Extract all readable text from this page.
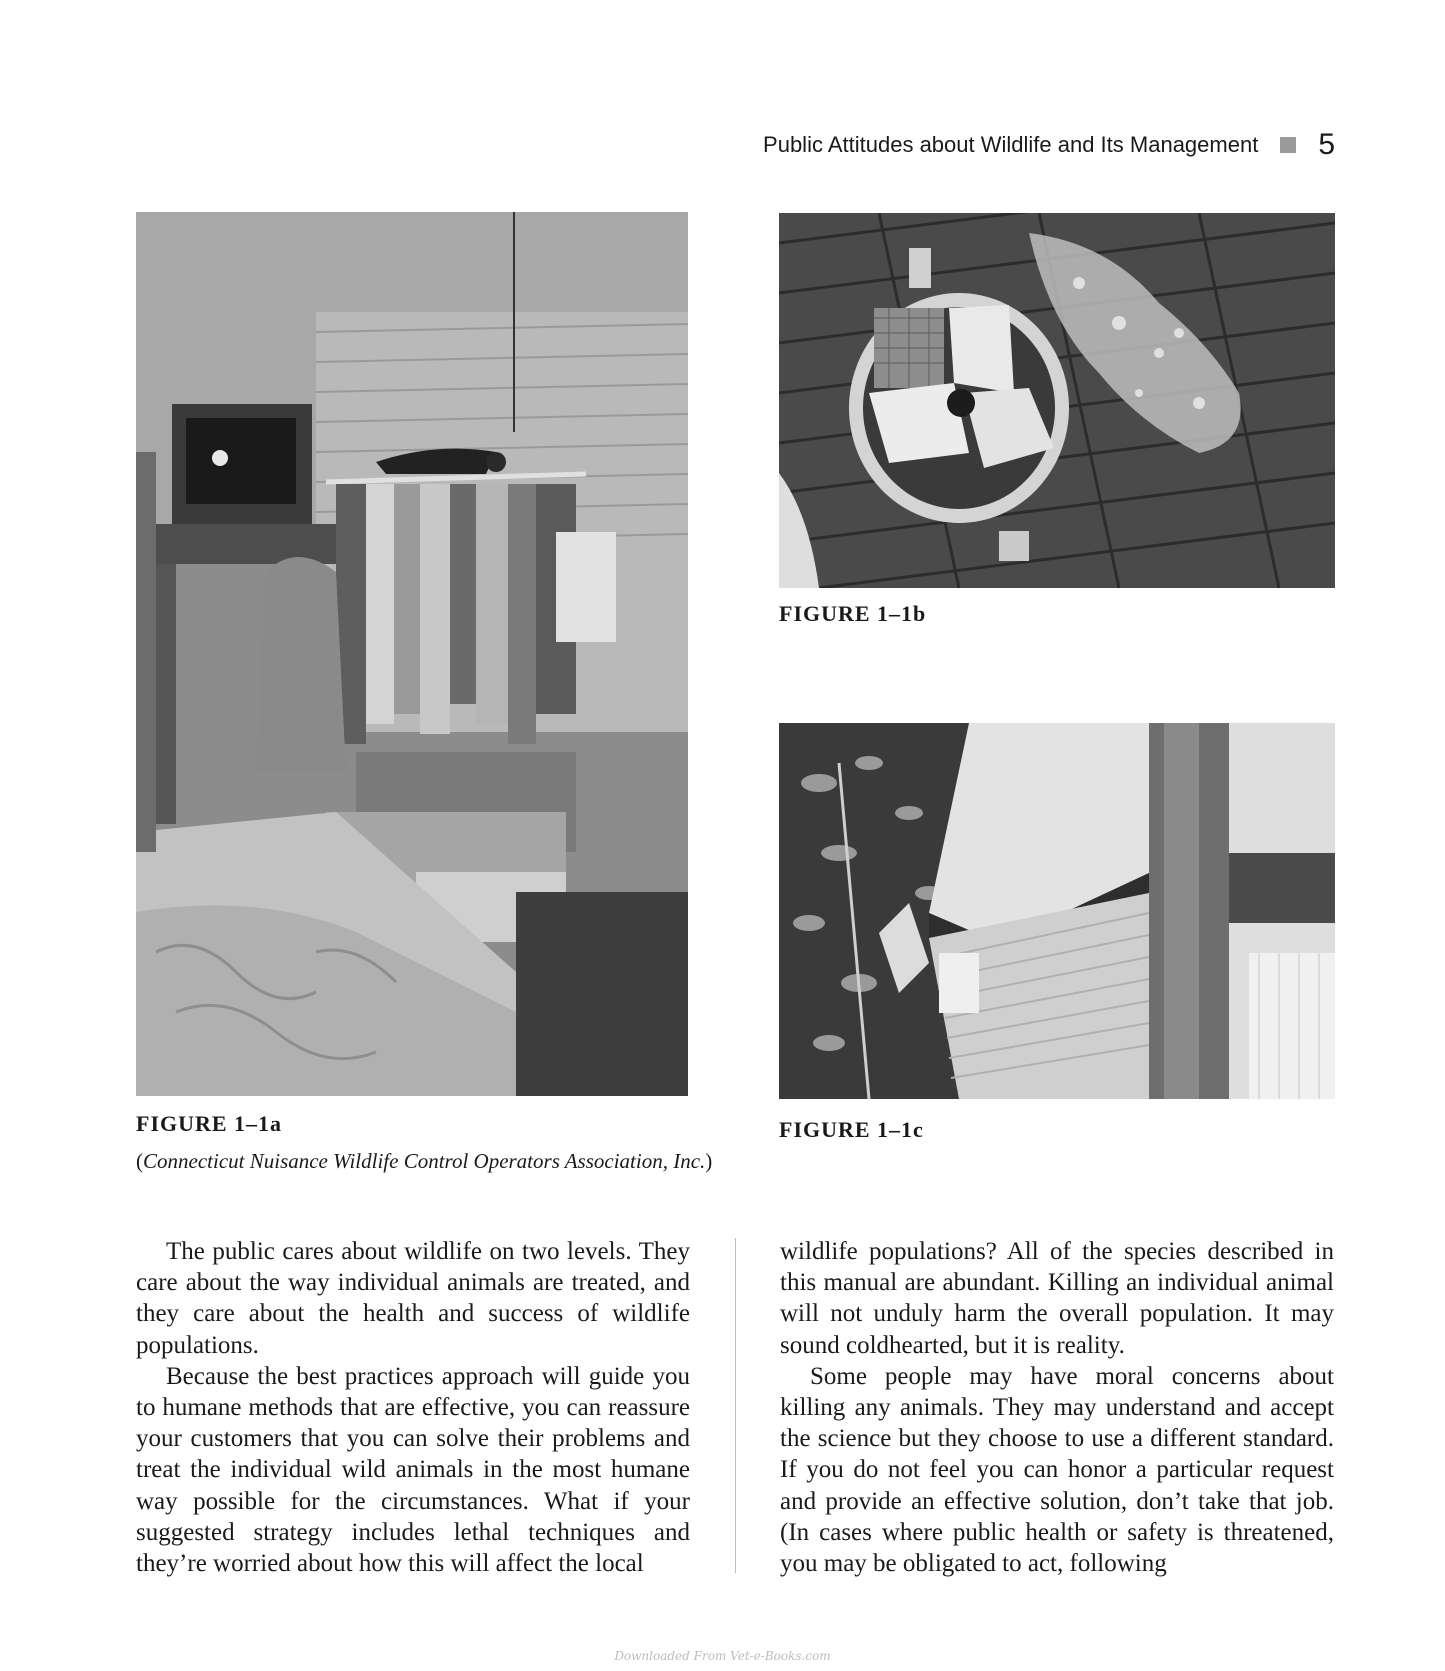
Public Attitudes about Wildlife and Its Management 5
FIGURE 1–1a
(Connecticut Nuisance Wildlife Control Operators Association, Inc.)
FIGURE 1–1b
FIGURE 1–1c

The public cares about wildlife on two levels. They care about the way individual animals are treated, and they care about the health and success of wildlife populations.

Because the best practices approach will guide you to humane methods that are effective, you can reassure your customers that you can solve their problems and treat the individual wild animals in the most humane way possible for the circumstances. What if your suggested strategy includes lethal techniques and they’re worried about how this will affect the local

wildlife populations? All of the species described in this manual are abundant. Killing an individual animal will not unduly harm the overall population. It may sound coldhearted, but it is reality.

Some people may have moral concerns about killing any animals. They may understand and accept the science but they choose to use a different standard. If you do not feel you can honor a particular request and provide an effective solution, don’t take that job. (In cases where public health or safety is threatened, you may be obligated to act, following

Downloaded From Vet-e-Books.com
